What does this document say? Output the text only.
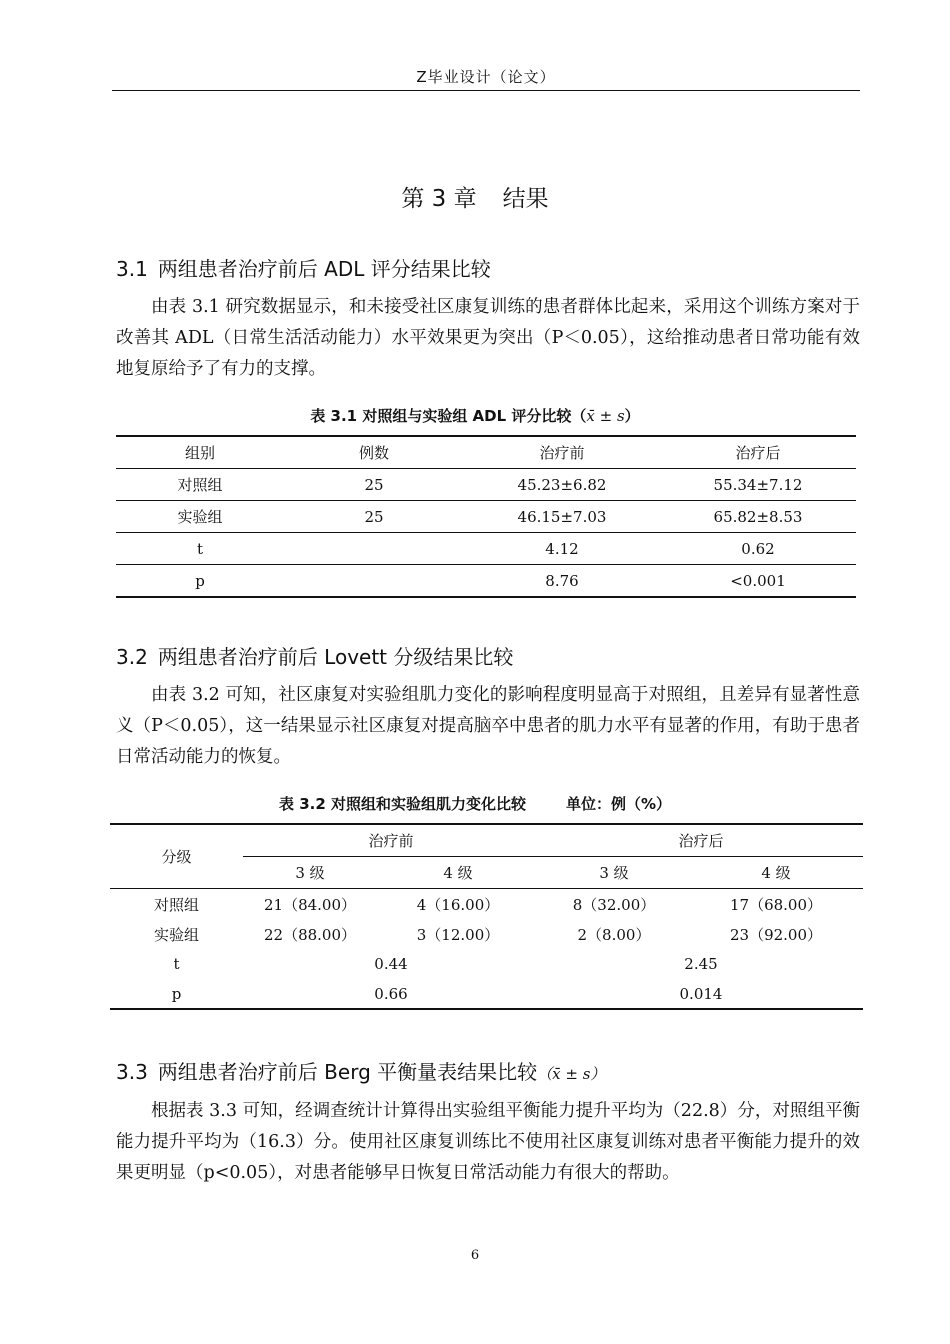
Z毕业设计（论文）
第 3 章 结果
3.1 两组患者治疗前后 ADL 评分结果比较
由表 3.1 研究数据显示，和未接受社区康复训练的患者群体比起来，采用这个训练方案对于改善其 ADL（日常生活活动能力）水平效果更为突出（P＜0.05），这给推动患者日常功能有效地复原给予了有力的支撑。
表 3.1 对照组与实验组 ADL 评分比较（x̄ ± s）
组别	例数	治疗前	治疗后
对照组	25	45.23±6.82	55.34±7.12
实验组	25	46.15±7.03	65.82±8.53
t		4.12	0.62
p		8.76	<0.001
3.2 两组患者治疗前后 Lovett 分级结果比较
由表 3.2 可知，社区康复对实验组肌力变化的影响程度明显高于对照组，且差异有显著性意义（P＜0.05），这一结果显示社区康复对提高脑卒中患者的肌力水平有显著的作用，有助于患者日常活动能力的恢复。
表 3.2 对照组和实验组肌力变化比较	单位：例（%）
分级	治疗前		治疗后	
	3 级	4 级	3 级	4 级
对照组	21（84.00）	4（16.00）	8（32.00）	17（68.00）
实验组	22（88.00）	3（12.00）	2（8.00）	23（92.00）
t	0.44		2.45	
p	0.66		0.014	
3.3 两组患者治疗前后 Berg 平衡量表结果比较（x̄ ± s）
根据表 3.3 可知，经调查统计计算得出实验组平衡能力提升平均为（22.8）分，对照组平衡能力提升平均为（16.3）分。使用社区康复训练比不使用社区康复训练对患者平衡能力提升的效果更明显（p<0.05），对患者能够早日恢复日常活动能力有很大的帮助。
6
